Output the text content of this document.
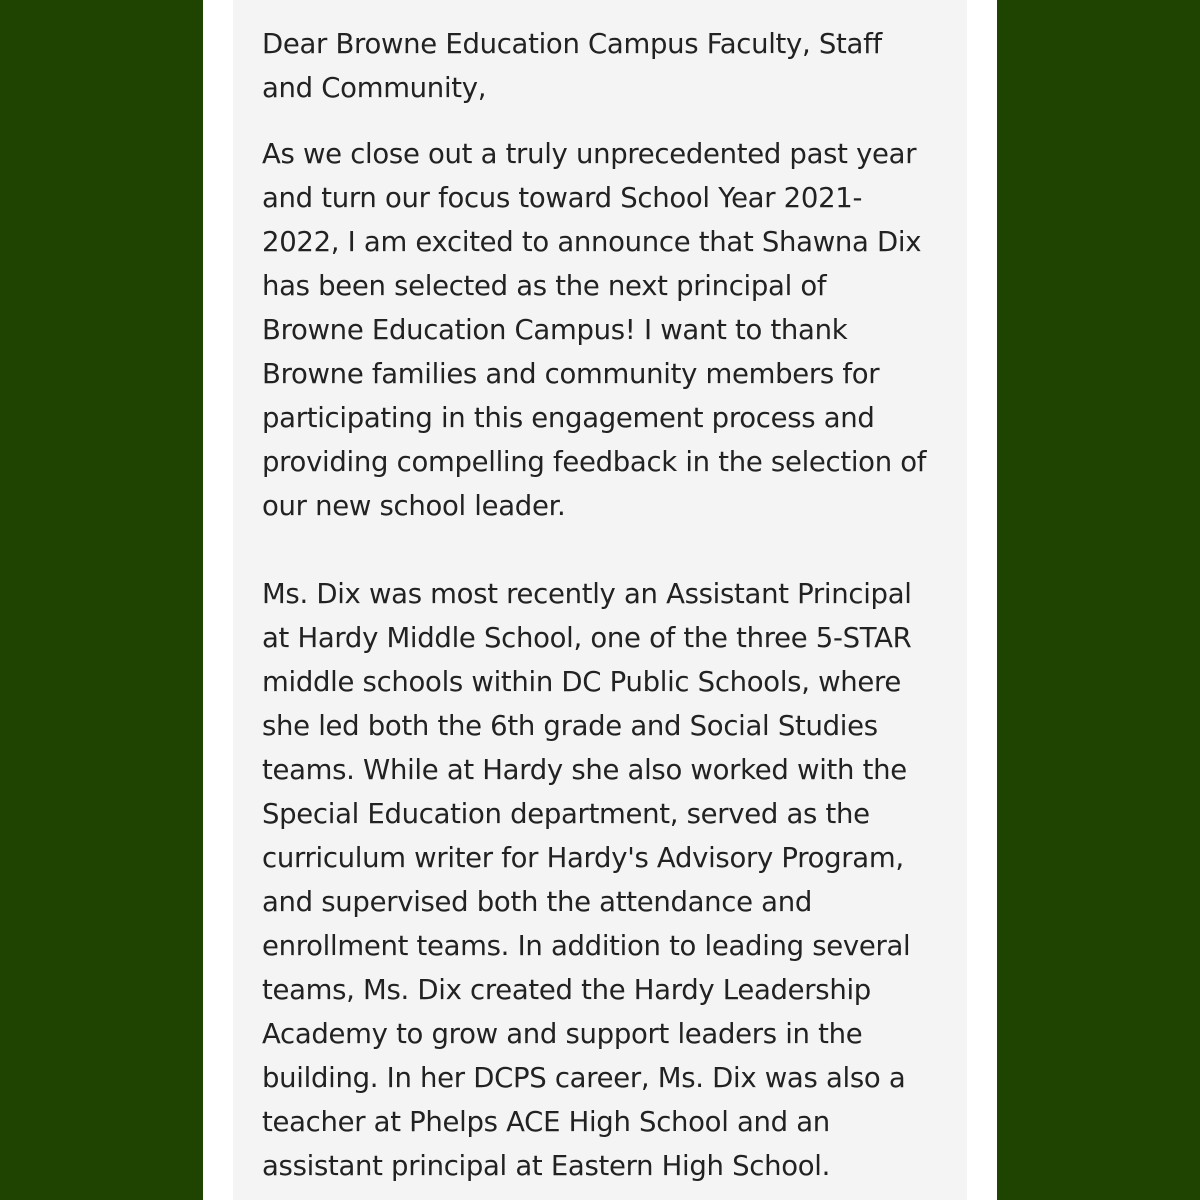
Dear Browne Education Campus Faculty, Staff
and Community,

As we close out a truly unprecedented past year
and turn our focus toward School Year 2021-
2022, I am excited to announce that Shawna Dix
has been selected as the next principal of
Browne Education Campus! I want to thank
Browne families and community members for
participating in this engagement process and
providing compelling feedback in the selection of
our new school leader.

Ms. Dix was most recently an Assistant Principal
at Hardy Middle School, one of the three 5-STAR
middle schools within DC Public Schools, where
she led both the 6th grade and Social Studies
teams. While at Hardy she also worked with the
Special Education department, served as the
curriculum writer for Hardy's Advisory Program,
and supervised both the attendance and
enrollment teams. In addition to leading several
teams, Ms. Dix created the Hardy Leadership
Academy to grow and support leaders in the
building. In her DCPS career, Ms. Dix was also a
teacher at Phelps ACE High School and an
assistant principal at Eastern High School.
